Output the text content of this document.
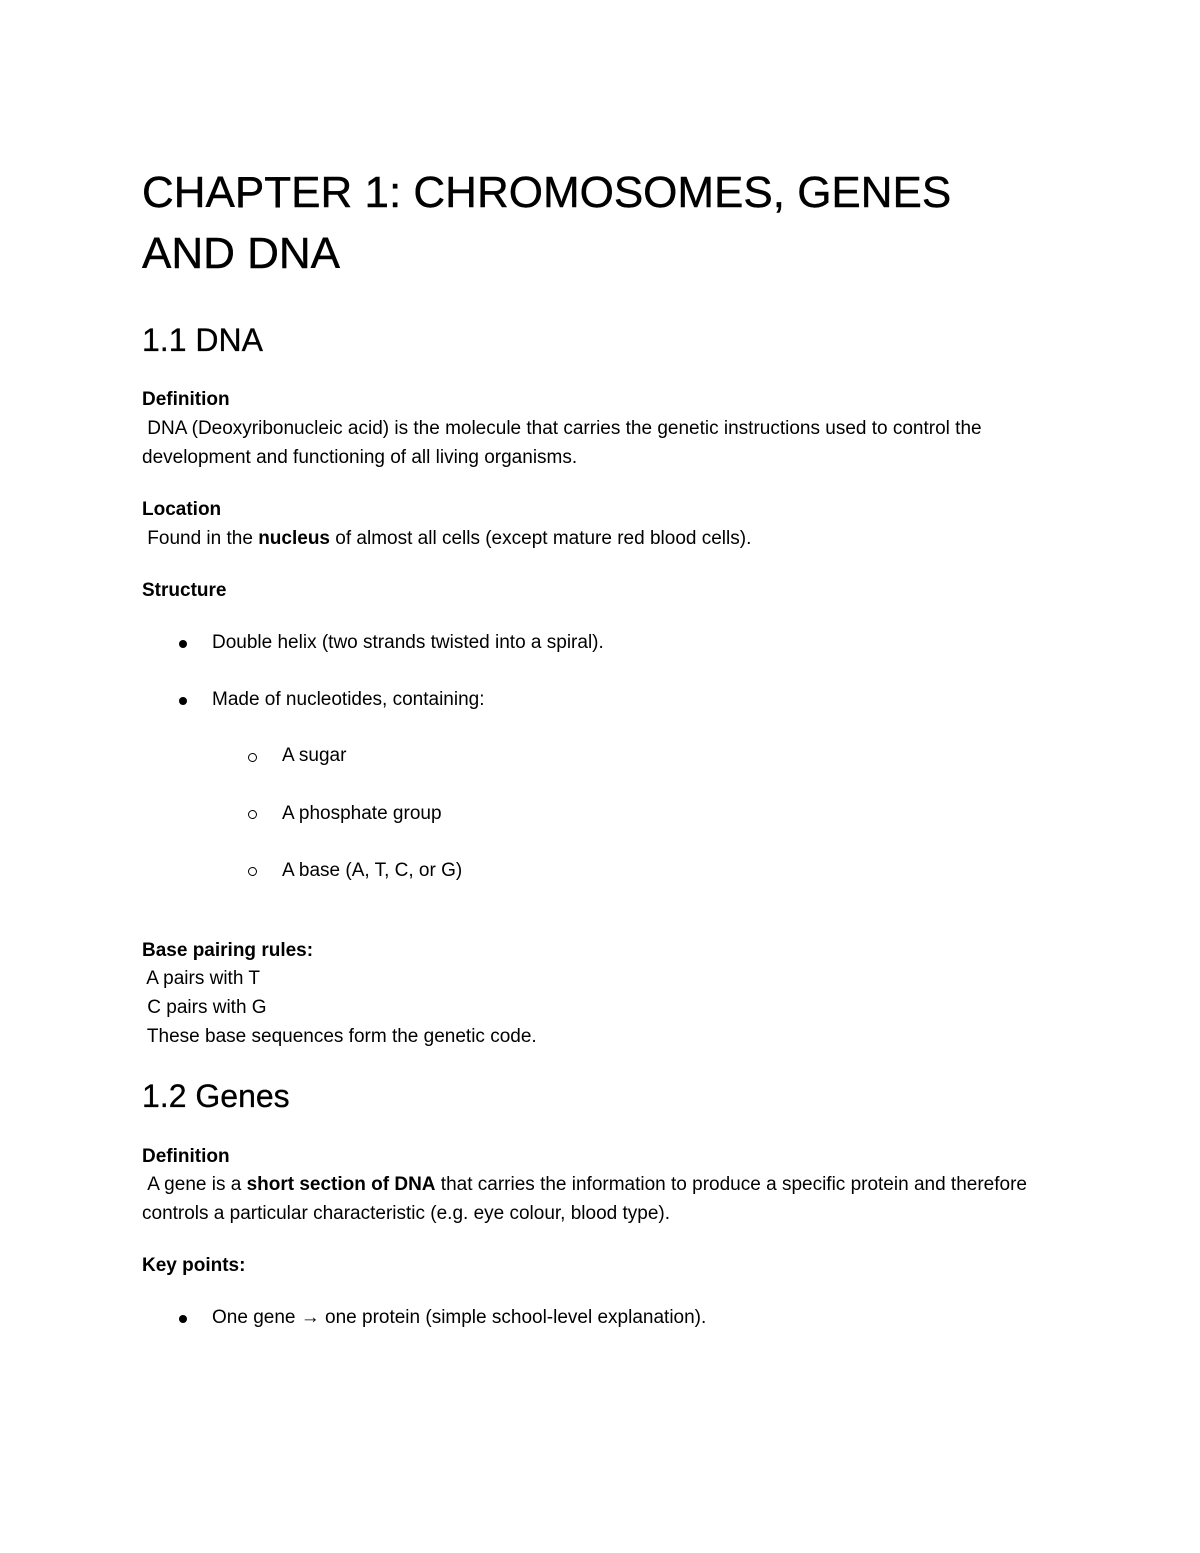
CHAPTER 1: CHROMOSOMES, GENES AND DNA
1.1 DNA
Definition
DNA (Deoxyribonucleic acid) is the molecule that carries the genetic instructions used to control the development and functioning of all living organisms.
Location
Found in the nucleus of almost all cells (except mature red blood cells).
Structure
Double helix (two strands twisted into a spiral).
Made of nucleotides, containing:
A sugar
A phosphate group
A base (A, T, C, or G)
Base pairing rules:
A pairs with T
C pairs with G
These base sequences form the genetic code.
1.2 Genes
Definition
A gene is a short section of DNA that carries the information to produce a specific protein and therefore controls a particular characteristic (e.g. eye colour, blood type).
Key points:
One gene → one protein (simple school-level explanation).
